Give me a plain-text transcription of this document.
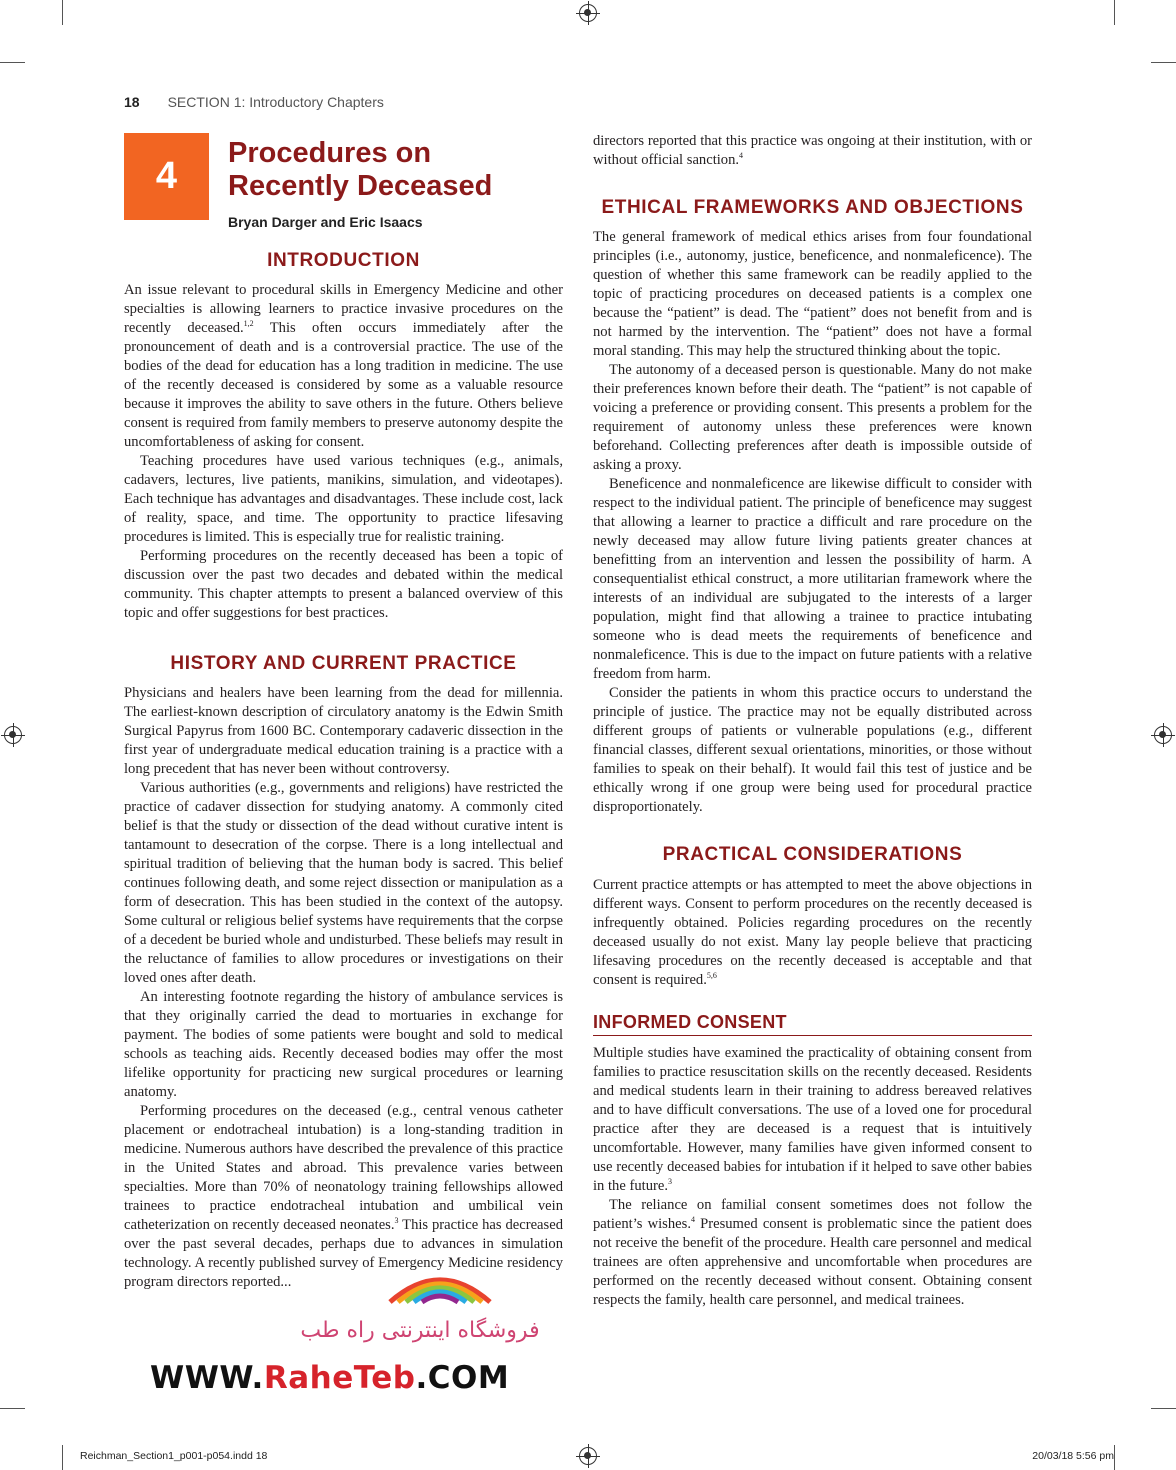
18 SECTION 1: Introductory Chapters
4
Procedures on Recently Deceased
Bryan Darger and Eric Isaacs
INTRODUCTION

An issue relevant to procedural skills in Emergency Medicine and other specialties is allowing learners to practice invasive procedures on the recently deceased.$^{1,2}$ This often occurs immediately after the pronouncement of death and is a controversial practice. The use of the bodies of the dead for education has a long tradition in medicine. The use of the recently deceased is considered by some as a valuable resource because it improves the ability to save others in the future. Others believe consent is required from family members to preserve autonomy despite the uncomfortableness of asking for consent.

Teaching procedures have used various techniques (e.g., animals, cadavers, lectures, live patients, manikins, simulation, and videotapes). Each technique has advantages and disadvantages. These include cost, lack of reality, space, and time. The opportunity to practice lifesaving procedures is limited. This is especially true for realistic training.

Performing procedures on the recently deceased has been a topic of discussion over the past two decades and debated within the medical community. This chapter attempts to present a balanced overview of this topic and offer suggestions for best practices.

HISTORY AND CURRENT PRACTICE

Physicians and healers have been learning from the dead for millennia. The earliest-known description of circulatory anatomy is the Edwin Smith Surgical Papyrus from 1600 BC. Contemporary cadaveric dissection in the first year of undergraduate medical education training is a practice with a long precedent that has never been without controversy.

Various authorities (e.g., governments and religions) have restricted the practice of cadaver dissection for studying anatomy. A commonly cited belief is that the study or dissection of the dead without curative intent is tantamount to desecration of the corpse. There is a long intellectual and spiritual tradition of believing that the human body is sacred. This belief continues following death, and some reject dissection or manipulation as a form of desecration. This has been studied in the context of the autopsy. Some cultural or religious belief systems have requirements that the corpse of a decedent be buried whole and undisturbed. These beliefs may result in the reluctance of families to allow procedures or investigations on their loved ones after death.

An interesting footnote regarding the history of ambulance services is that they originally carried the dead to mortuaries in exchange for payment. The bodies of some patients were bought and sold to medical schools as teaching aids. Recently deceased bodies may offer the most lifelike opportunity for practicing new surgical procedures or learning anatomy.

Performing procedures on the deceased (e.g., central venous catheter placement or endotracheal intubation) is a long-standing tradition in medicine. Numerous authors have described the prevalence of this practice in the United States and abroad. This prevalence varies between specialties. More than 70% of neonatology training fellowships allowed trainees to practice endotracheal intubation and umbilical vein catheterization on recently deceased neonates.$^3$ This practice has decreased over the past several decades, perhaps due to advances in simulation technology. A recently published survey of Emergency Medicine residency program directors reported...

directors reported that this practice was ongoing at their institution, with or without official sanction.$^4$

ETHICAL FRAMEWORKS AND OBJECTIONS

The general framework of medical ethics arises from four foundational principles (i.e., autonomy, justice, beneficence, and nonmaleficence). The question of whether this same framework can be readily applied to the topic of practicing procedures on deceased patients is a complex one because the “patient” is dead. The “patient” does not benefit from and is not harmed by the intervention. The “patient” does not have a formal moral standing. This may help the structured thinking about the topic.

The autonomy of a deceased person is questionable. Many do not make their preferences known before their death. The “patient” is not capable of voicing a preference or providing consent. This presents a problem for the requirement of autonomy unless these preferences were known beforehand. Collecting preferences after death is impossible outside of asking a proxy.

Beneficence and nonmaleficence are likewise difficult to consider with respect to the individual patient. The principle of beneficence may suggest that allowing a learner to practice a difficult and rare procedure on the newly deceased may allow future living patients greater chances at benefitting from an intervention and lessen the possibility of harm. A consequentialist ethical construct, a more utilitarian framework where the interests of an individual are subjugated to the interests of a larger population, might find that allowing a trainee to practice intubating someone who is dead meets the requirements of beneficence and nonmaleficence. This is due to the impact on future patients with a relative freedom from harm.

Consider the patients in whom this practice occurs to understand the principle of justice. The practice may not be equally distributed across different groups of patients or vulnerable populations (e.g., different financial classes, different sexual orientations, minorities, or those without families to speak on their behalf). It would fail this test of justice and be ethically wrong if one group were being used for procedural practice disproportionately.

PRACTICAL CONSIDERATIONS

Current practice attempts or has attempted to meet the above objections in different ways. Consent to perform procedures on the recently deceased is infrequently obtained. Policies regarding procedures on the recently deceased usually do not exist. Many lay people believe that practicing lifesaving procedures on the recently deceased is acceptable and that consent is required.$^{5,6}$

INFORMED CONSENT

Multiple studies have examined the practicality of obtaining consent from families to practice resuscitation skills on the recently deceased. Residents and medical students learn in their training to address bereaved relatives and to have difficult conversations. The use of a loved one for procedural practice after they are deceased is a request that is intuitively uncomfortable. However, many families have given informed consent to use recently deceased babies for intubation if it helped to save other babies in the future.$^3$

The reliance on familial consent sometimes does not follow the patient’s wishes.$^4$ Presumed consent is problematic since the patient does not receive the benefit of the procedure. Health care personnel and medical trainees are often apprehensive and uncomfortable when procedures are performed on the recently deceased without consent. Obtaining consent respects the family, health care personnel, and medical trainees.

فروشگاه اینترنتی راه طب
WWW.RaheTeb.COM
Reichman_Section1_p001-p054.indd 18	20/03/18 5:56 pm
